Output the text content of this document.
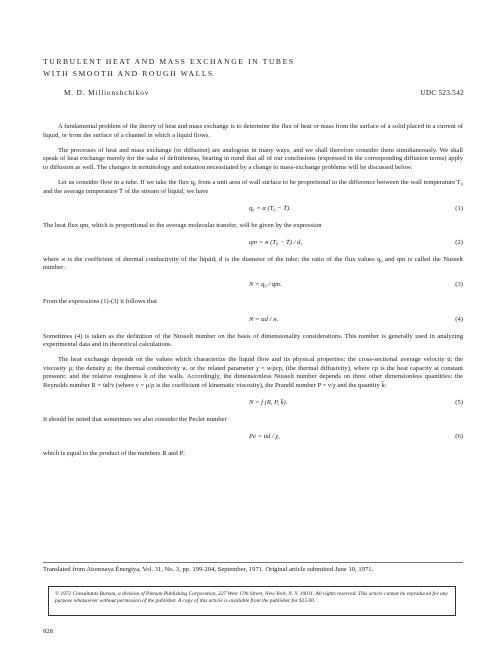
TURBULENT HEAT AND MASS EXCHANGE IN TUBES
WITH SMOOTH AND ROUGH WALLS
M. D. Millionshchikov	UDC 523.542

A fundamental problem of the theory of heat and mass exchange is to determine the flux of heat or mass from the surface of a solid placed in a current of liquid, or from the surface of a channel in which a liquid flows.

The processes of heat and mass exchange (or diffusion) are analogous in many ways, and we shall therefore consider them simultaneously. We shall speak of heat exchange merely for the sake of definiteness, bearing in mind that all of our conclusions (expressed in the corresponding diffusion terms) apply to diffusion as well. The changes in terminology and notation necessitated by a change to mass-exchange problems will be discussed below.

Let us consider flow in a tube. If we take the flux q₀ from a unit area of wall surface to be proportional to the difference between the wall temperature T₀ and the average temperature T̄ of the stream of liquid, we have

q₀ = α (T₀ − T̄).	(1)

The heat flux qm, which is proportional to the average molecular transfer, will be given by the expression

qm = ϰ (T₀ − T̄) / d,	(2)

where ϰ is the coefficient of thermal conductivity of the liquid; d is the diameter of the tube; the ratio of the flux values q₀ and qm is called the Nusselt number:

N = q₀ / qm.	(3)

From the expressions (1)-(3) it follows that

N = αd / ϰ.	(4)

Sometimes (4) is taken as the definition of the Nusselt number on the basis of dimensionality considerations. This number is generally used in analyzing experimental data and in theoretical calculations.

The heat exchange depends on the values which characterize the liquid flow and its physical properties: the cross-sectional average velocity ū; the viscosity μ; the density ρ; the thermal conductivity ϰ, or the related parameter χ = ϰ/ρcp, (the thermal diffusivity), where cp is the heat capacity at constant pressure; and the relative roughness k of the walls. Accordingly, the dimensionless Nusselt number depends on three other dimensionless quantities: the Reynolds number R = ūd/ν (where ν = μ/ρ is the coefficient of kinematic viscosity), the Prandtl number P = ν/χ and the quantity k̄:

N = f (R, P, k̄).	(5)

It should be noted that sometimes we also consider the Peclet number

Pe = ūd / χ,	(6)

which is equal to the product of the numbers R and P:

Translated from Atomnaya Énergiya, Vol. 31, No. 3, pp. 199-204, September, 1971. Original article submitted June 10, 1971.
© 1972 Consultants Bureau, a division of Plenum Publishing Corporation, 227 West 17th Street, New York, N. Y. 10011. All rights reserved. This article cannot be reproduced for any purpose whatsoever without permission of the publisher. A copy of this article is available from the publisher for $15.00.
928
